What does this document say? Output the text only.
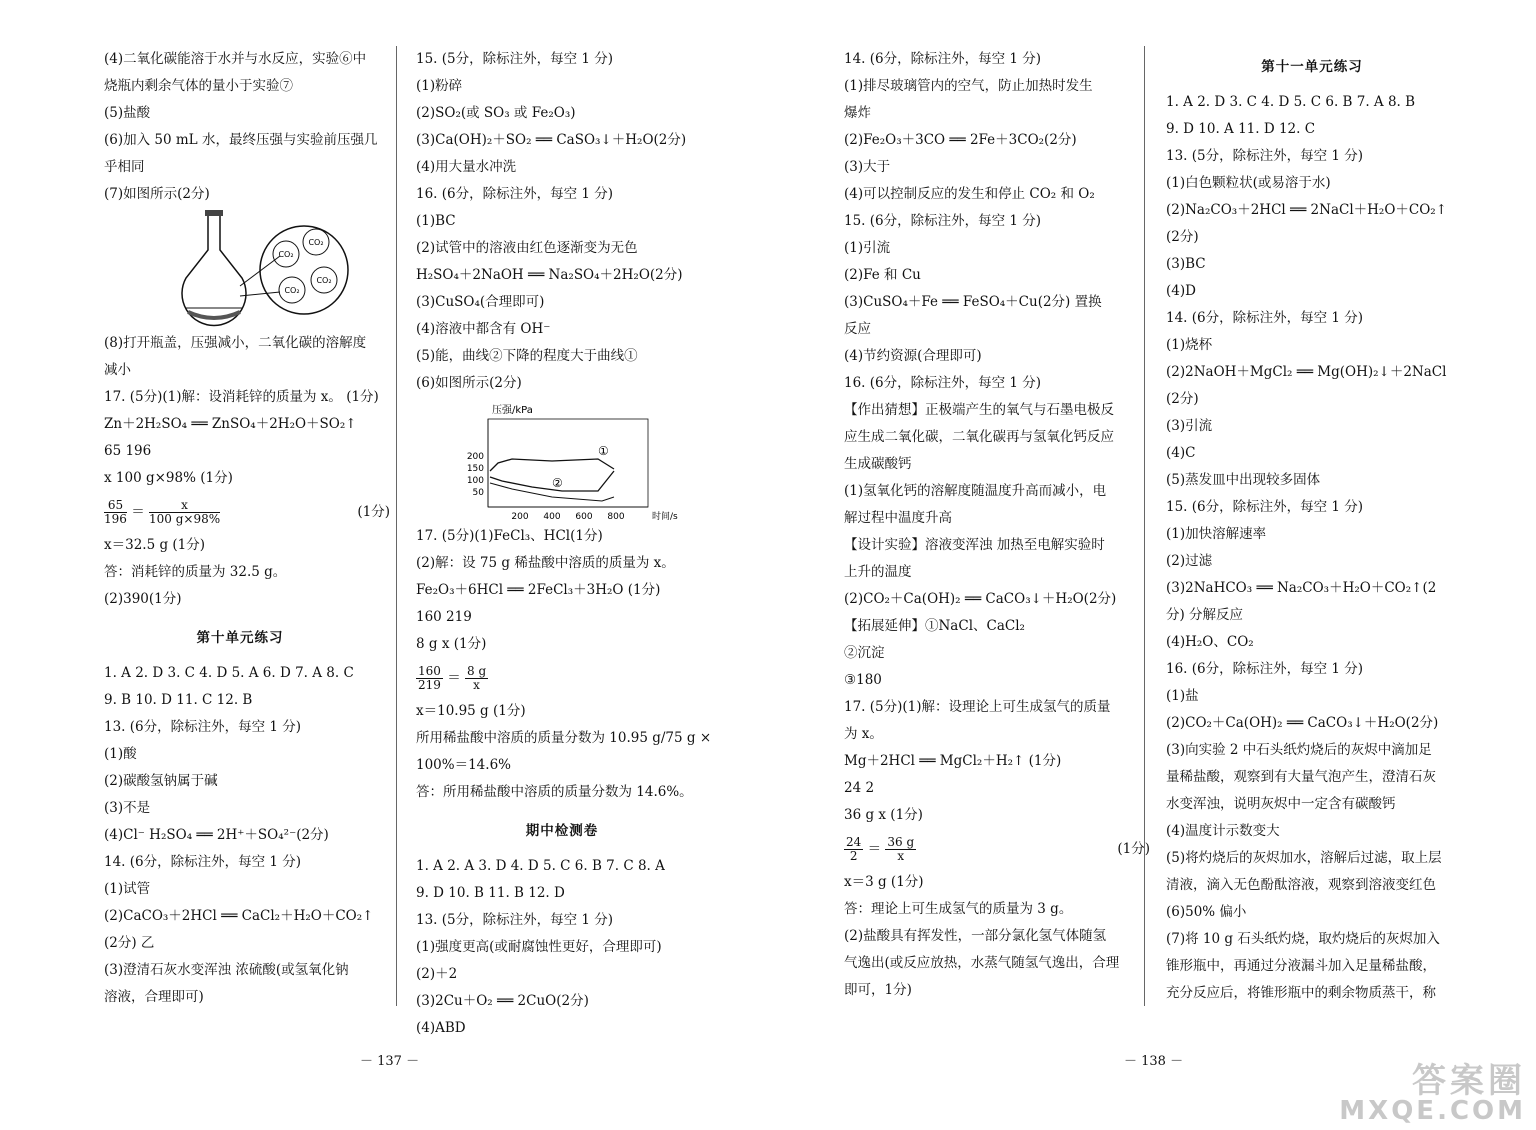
(4)二氧化碳能溶于水并与水反应，实验⑥中
烧瓶内剩余气体的量小于实验⑦
(5)盐酸
(6)加入 50 mL 水，最终压强与实验前压强几
乎相同
(7)如图所示(2分)
CO₂
CO₂
CO₂
CO₂
(8)打开瓶盖，压强减小，二氧化碳的溶解度
减小
17. (5分)(1)解：设消耗锌的质量为 x。 (1分)
Zn＋2H₂SO₄ ══ ZnSO₄＋2H₂O＋SO₂↑
65 196
x 100 g×98% (1分)
$\frac{65}{196} = \frac{x}{100 g\times 98\%}$	(1分)
x＝32.5 g (1分)
答：消耗锌的质量为 32.5 g。
(2)390(1分)
第十单元练习
1. A 2. D 3. C 4. D 5. A 6. D 7. A 8. C
9. B 10. D 11. C 12. B
13. (6分，除标注外，每空 1 分)
(1)酸
(2)碳酸氢钠属于碱
(3)不是
(4)Cl⁻ H₂SO₄ ══ 2H⁺＋SO₄²⁻(2分)
14. (6分，除标注外，每空 1 分)
(1)试管
(2)CaCO₃＋2HCl ══ CaCl₂＋H₂O＋CO₂↑
(2分) 乙
(3)澄清石灰水变浑浊 浓硫酸(或氢氧化钠
溶液，合理即可)
15. (5分，除标注外，每空 1 分)
(1)粉碎
(2)SO₂(或 SO₃ 或 Fe₂O₃)
(3)Ca(OH)₂＋SO₂ ══ CaSO₃↓＋H₂O(2分)
(4)用大量水冲洗
16. (6分，除标注外，每空 1 分)
(1)BC
(2)试管中的溶液由红色逐渐变为无色
H₂SO₄＋2NaOH ══ Na₂SO₄＋2H₂O(2分)
(3)CuSO₄(合理即可)
(4)溶液中都含有 OH⁻
(5)能，曲线②下降的程度大于曲线①
(6)如图所示(2分)
压强/kPa
时间/s
200
150
100
50
200 400 600 800
①
②
17. (5分)(1)FeCl₃、HCl(1分)
(2)解：设 75 g 稀盐酸中溶质的质量为 x。
Fe₂O₃＋6HCl ══ 2FeCl₃＋3H₂O (1分)
160 219
8 g x (1分)
$\frac{160}{219} = \frac{8 g}{x}$
x＝10.95 g (1分)
所用稀盐酸中溶质的质量分数为 10.95 g/75 g ×
100%＝14.6%
答：所用稀盐酸中溶质的质量分数为 14.6%。
期中检测卷
1. A 2. A 3. D 4. D 5. C 6. B 7. C 8. A
9. D 10. B 11. B 12. D
13. (5分，除标注外，每空 1 分)
(1)强度更高(或耐腐蚀性更好，合理即可)
(2)＋2
(3)2Cu＋O₂ ══ 2CuO(2分)
(4)ABD
－ 137 －
14. (6分，除标注外，每空 1 分)
(1)排尽玻璃管内的空气，防止加热时发生
爆炸
(2)Fe₂O₃＋3CO ══ 2Fe＋3CO₂(2分)
(3)大于
(4)可以控制反应的发生和停止 CO₂ 和 O₂
15. (6分，除标注外，每空 1 分)
(1)引流
(2)Fe 和 Cu
(3)CuSO₄＋Fe ══ FeSO₄＋Cu(2分) 置换
反应
(4)节约资源(合理即可)
16. (6分，除标注外，每空 1 分)
【作出猜想】正极端产生的氧气与石墨电极反
应生成二氧化碳，二氧化碳再与氢氧化钙反应
生成碳酸钙
(1)氢氧化钙的溶解度随温度升高而减小，电
解过程中温度升高
【设计实验】溶液变浑浊 加热至电解实验时
上升的温度
(2)CO₂＋Ca(OH)₂ ══ CaCO₃↓＋H₂O(2分)
【拓展延伸】①NaCl、CaCl₂
②沉淀
③180
17. (5分)(1)解：设理论上可生成氢气的质量
为 x。
Mg＋2HCl ══ MgCl₂＋H₂↑ (1分)
24 2
36 g x (1分)
$\frac{24}{2} = \frac{36 g}{x}$	(1分)
x＝3 g (1分)
答：理论上可生成氢气的质量为 3 g。
(2)盐酸具有挥发性，一部分氯化氢气体随氢
气逸出(或反应放热，水蒸气随氢气逸出，合理
即可，1分)
第十一单元练习
1. A 2. D 3. C 4. D 5. C 6. B 7. A 8. B
9. D 10. A 11. D 12. C
13. (5分，除标注外，每空 1 分)
(1)白色颗粒状(或易溶于水)
(2)Na₂CO₃＋2HCl ══ 2NaCl＋H₂O＋CO₂↑
(2分)
(3)BC
(4)D
14. (6分，除标注外，每空 1 分)
(1)烧杯
(2)2NaOH＋MgCl₂ ══ Mg(OH)₂↓＋2NaCl
(2分)
(3)引流
(4)C
(5)蒸发皿中出现较多固体
15. (6分，除标注外，每空 1 分)
(1)加快溶解速率
(2)过滤
(3)2NaHCO₃ ══ Na₂CO₃＋H₂O＋CO₂↑(2
分) 分解反应
(4)H₂O、CO₂
16. (6分，除标注外，每空 1 分)
(1)盐
(2)CO₂＋Ca(OH)₂ ══ CaCO₃↓＋H₂O(2分)
(3)向实验 2 中石头纸灼烧后的灰烬中滴加足
量稀盐酸，观察到有大量气泡产生，澄清石灰
水变浑浊，说明灰烬中一定含有碳酸钙
(4)温度计示数变大
(5)将灼烧后的灰烬加水，溶解后过滤，取上层
清液，滴入无色酚酞溶液，观察到溶液变红色
(6)50% 偏小
(7)将 10 g 石头纸灼烧，取灼烧后的灰烬加入
锥形瓶中，再通过分液漏斗加入足量稀盐酸，
充分反应后，将锥形瓶中的剩余物质蒸干，称
－ 138 －	答案圈
MXQE.COM
